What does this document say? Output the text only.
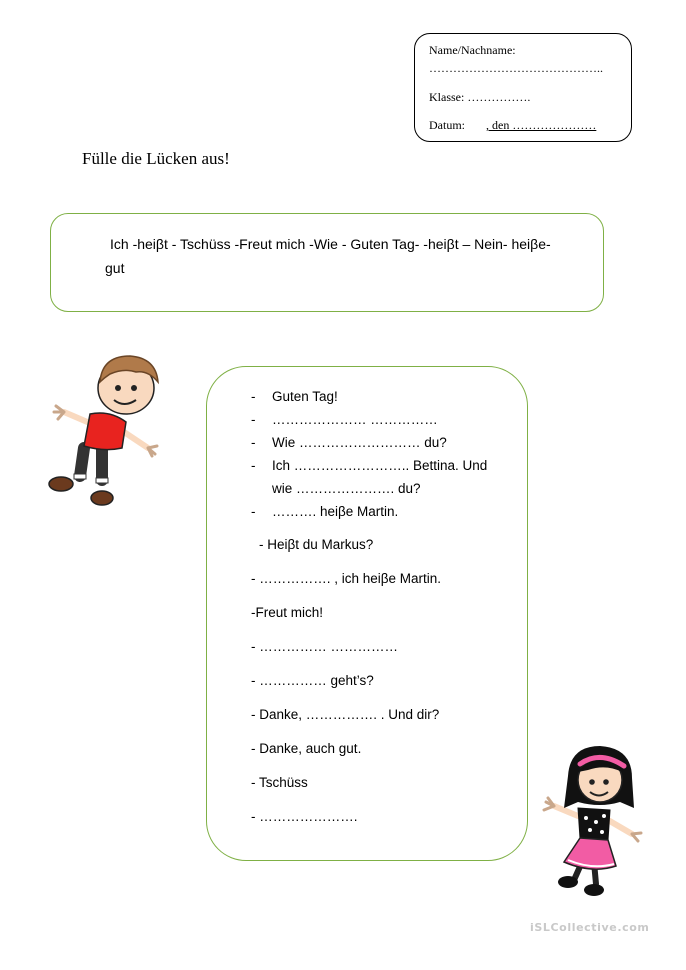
Name/Nachname:
……………………………………..
Klasse: …………….
Datum: , den …………………
Fülle die Lücken aus!
Ich -heiβt - Tschüss -Freut mich -Wie - Guten Tag- -heiβt – Nein- heiβe-
gut
- Guten Tag!
- ………………… ……………
- Wie ……………………… du?
- Ich …………………….. Bettina. Und
wie …………………. du?
- ………. heiβe Martin.
- Heiβt du Markus?
- ……………. , ich heiβe Martin.
-Freut mich!
- …………… ……………
- …………… geht’s?
- Danke, ……………. . Und dir?
- Danke, auch gut.
- Tschüss
- ………………….
iSLCollective.com
